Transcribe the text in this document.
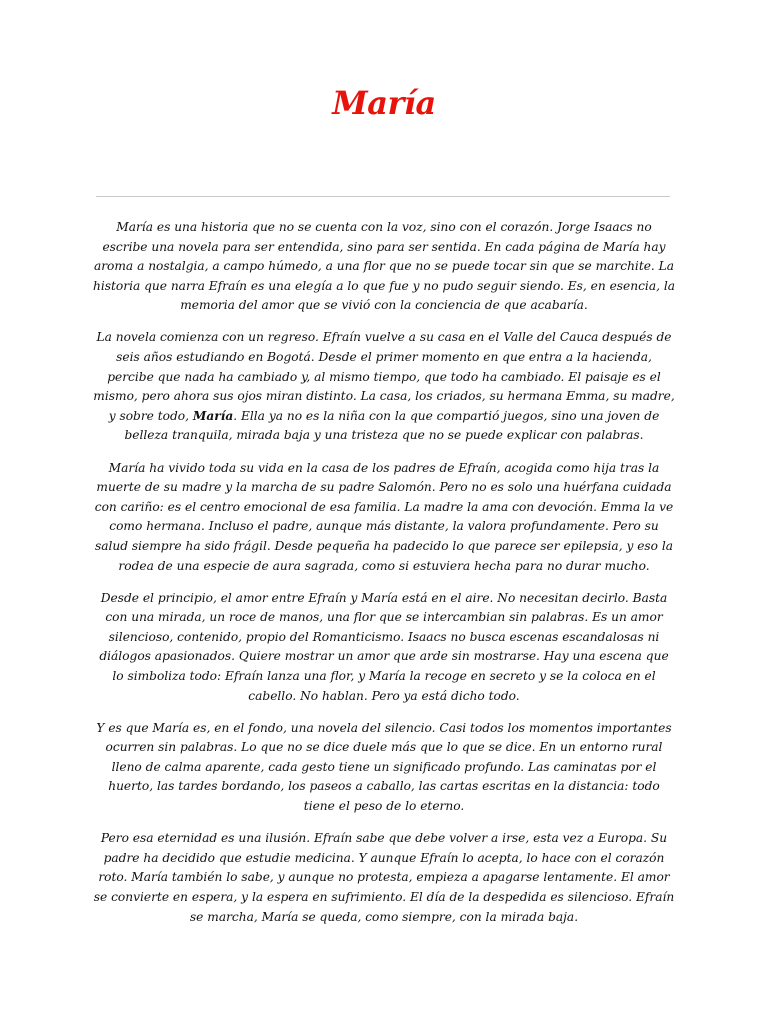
María

María es una historia que no se cuenta con la voz, sino con el corazón. Jorge Isaacs no escribe una novela para ser entendida, sino para ser sentida. En cada página de María hay aroma a nostalgia, a campo húmedo, a una flor que no se puede tocar sin que se marchite. La historia que narra Efraín es una elegía a lo que fue y no pudo seguir siendo. Es, en esencia, la memoria del amor que se vivió con la conciencia de que acabaría.

La novela comienza con un regreso. Efraín vuelve a su casa en el Valle del Cauca después de seis años estudiando en Bogotá. Desde el primer momento en que entra a la hacienda, percibe que nada ha cambiado y, al mismo tiempo, que todo ha cambiado. El paisaje es el mismo, pero ahora sus ojos miran distinto. La casa, los criados, su hermana Emma, su madre, y sobre todo, María. Ella ya no es la niña con la que compartió juegos, sino una joven de belleza tranquila, mirada baja y una tristeza que no se puede explicar con palabras.

María ha vivido toda su vida en la casa de los padres de Efraín, acogida como hija tras la muerte de su madre y la marcha de su padre Salomón. Pero no es solo una huérfana cuidada con cariño: es el centro emocional de esa familia. La madre la ama con devoción. Emma la ve como hermana. Incluso el padre, aunque más distante, la valora profundamente. Pero su salud siempre ha sido frágil. Desde pequeña ha padecido lo que parece ser epilepsia, y eso la rodea de una especie de aura sagrada, como si estuviera hecha para no durar mucho.

Desde el principio, el amor entre Efraín y María está en el aire. No necesitan decirlo. Basta con una mirada, un roce de manos, una flor que se intercambian sin palabras. Es un amor silencioso, contenido, propio del Romanticismo. Isaacs no busca escenas escandalosas ni diálogos apasionados. Quiere mostrar un amor que arde sin mostrarse. Hay una escena que lo simboliza todo: Efraín lanza una flor, y María la recoge en secreto y se la coloca en el cabello. No hablan. Pero ya está dicho todo.

Y es que María es, en el fondo, una novela del silencio. Casi todos los momentos importantes ocurren sin palabras. Lo que no se dice duele más que lo que se dice. En un entorno rural lleno de calma aparente, cada gesto tiene un significado profundo. Las caminatas por el huerto, las tardes bordando, los paseos a caballo, las cartas escritas en la distancia: todo tiene el peso de lo eterno.

Pero esa eternidad es una ilusión. Efraín sabe que debe volver a irse, esta vez a Europa. Su padre ha decidido que estudie medicina. Y aunque Efraín lo acepta, lo hace con el corazón roto. María también lo sabe, y aunque no protesta, empieza a apagarse lentamente. El amor se convierte en espera, y la espera en sufrimiento. El día de la despedida es silencioso. Efraín se marcha, María se queda, como siempre, con la mirada baja.
